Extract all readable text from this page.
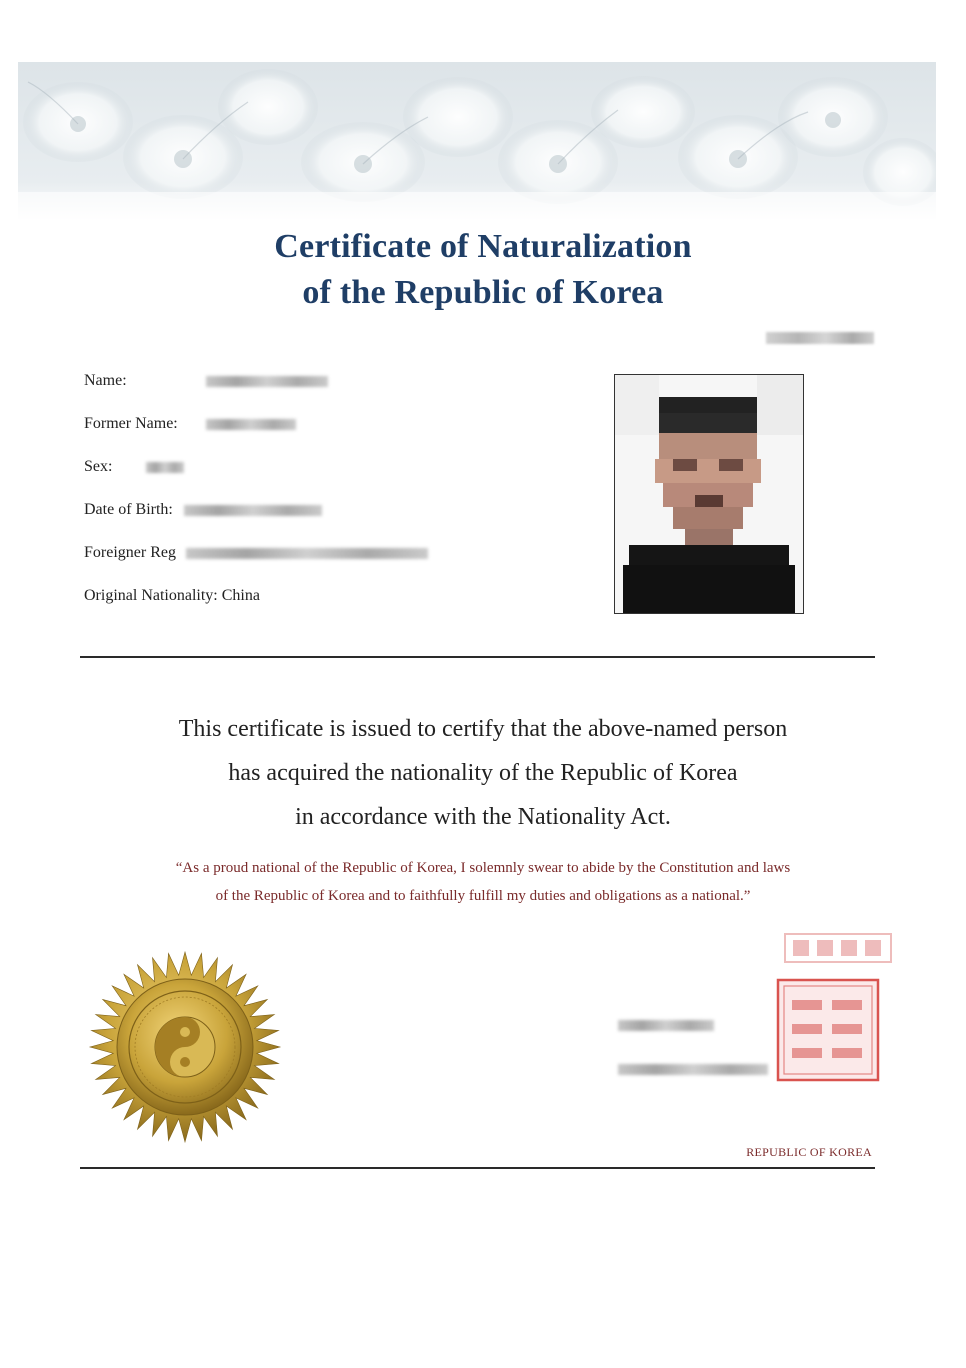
Certificate of Naturalization
of the Republic of Korea
Name:
Former Name:
Sex:
Date of Birth:
Foreigner Reg
Original Nationality: China
This certificate is issued to certify that the above-named person
has acquired the nationality of the Republic of Korea
in accordance with the Nationality Act.
“As a proud national of the Republic of Korea, I solemnly swear to abide by the Constitution and laws
of the Republic of Korea and to faithfully fulfill my duties and obligations as a national.”
REPUBLIC OF KOREA
